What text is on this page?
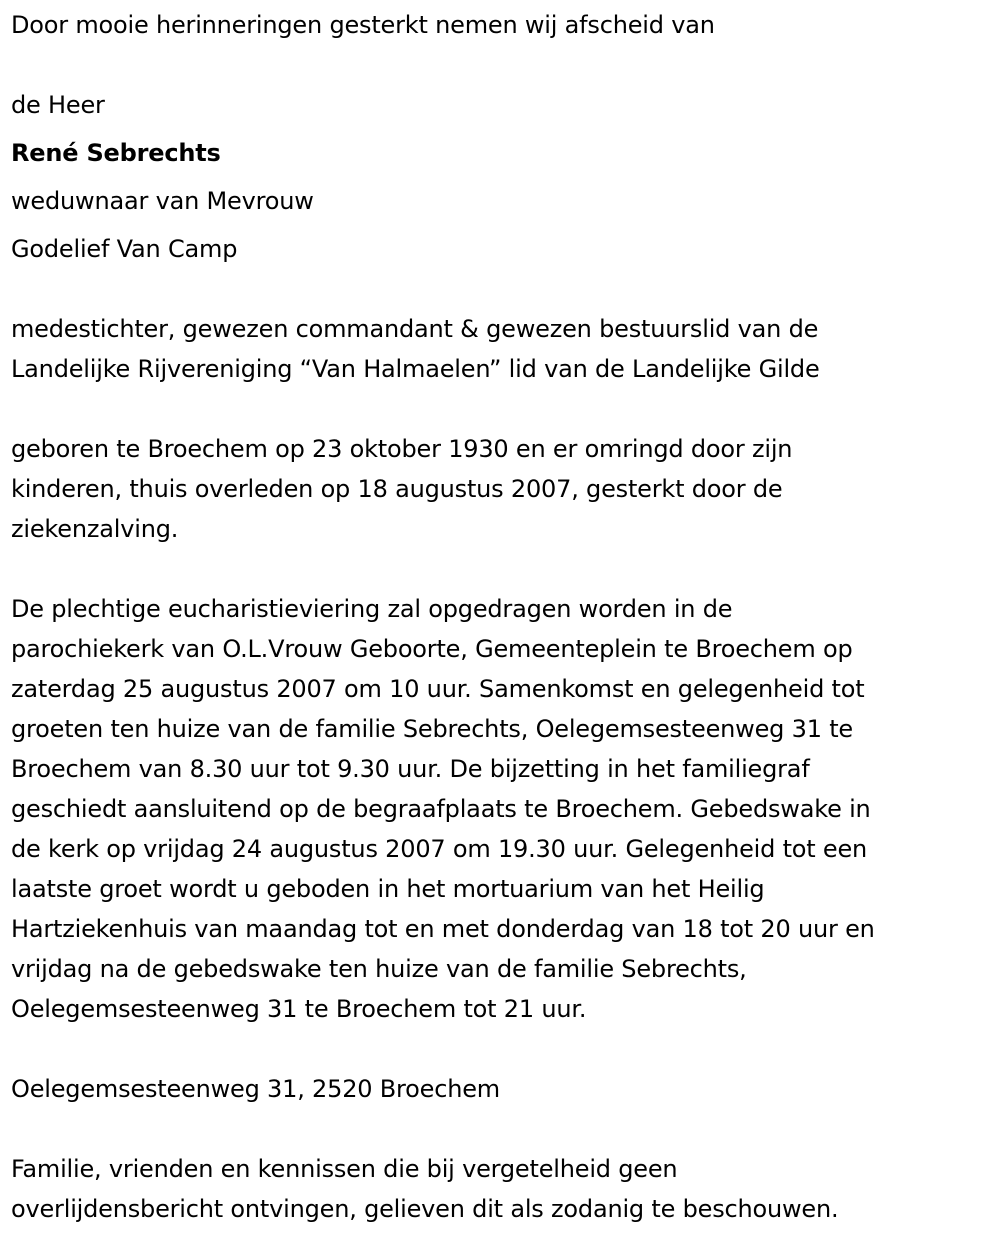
Door mooie herinneringen gesterkt nemen wij afscheid van

de Heer

René Sebrechts

weduwnaar van Mevrouw

Godelief Van Camp

medestichter, gewezen commandant & gewezen bestuurslid van de

Landelijke Rijvereniging “Van Halmaelen” lid van de Landelijke Gilde

geboren te Broechem op 23 oktober 1930 en er omringd door zijn

kinderen, thuis overleden op 18 augustus 2007, gesterkt door de

ziekenzalving.

De plechtige eucharistieviering zal opgedragen worden in de

parochiekerk van O.L.Vrouw Geboorte, Gemeenteplein te Broechem op

zaterdag 25 augustus 2007 om 10 uur. Samenkomst en gelegenheid tot

groeten ten huize van de familie Sebrechts, Oelegemsesteenweg 31 te

Broechem van 8.30 uur tot 9.30 uur. De bijzetting in het familiegraf

geschiedt aansluitend op de begraafplaats te Broechem. Gebedswake in

de kerk op vrijdag 24 augustus 2007 om 19.30 uur. Gelegenheid tot een

laatste groet wordt u geboden in het mortuarium van het Heilig

Hartziekenhuis van maandag tot en met donderdag van 18 tot 20 uur en

vrijdag na de gebedswake ten huize van de familie Sebrechts,

Oelegemsesteenweg 31 te Broechem tot 21 uur.

Oelegemsesteenweg 31, 2520 Broechem

Familie, vrienden en kennissen die bij vergetelheid geen

overlijdensbericht ontvingen, gelieven dit als zodanig te beschouwen.
